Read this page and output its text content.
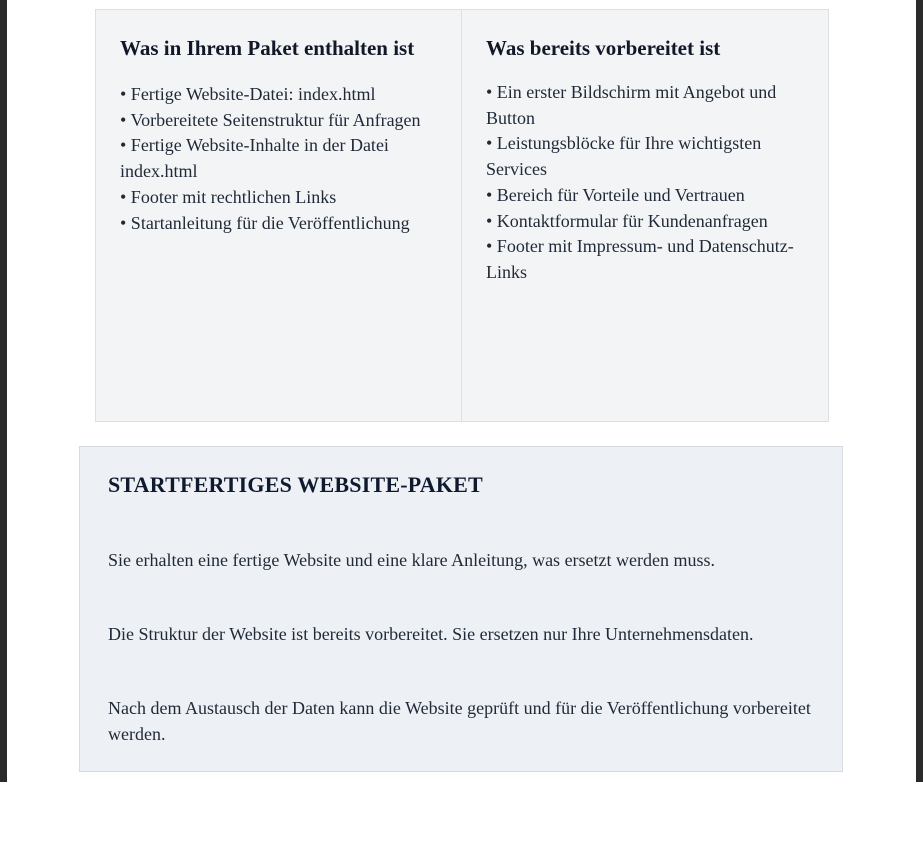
Was in Ihrem Paket enthalten ist
• Fertige Website-Datei: index.html
• Vorbereitete Seitenstruktur für Anfragen
• Fertige Website-Inhalte in der Datei index.html
• Footer mit rechtlichen Links
• Startanleitung für die Veröffentlichung
Was bereits vorbereitet ist
• Ein erster Bildschirm mit Angebot und Button
• Leistungsblöcke für Ihre wichtigsten Services
• Bereich für Vorteile und Vertrauen
• Kontaktformular für Kundenanfragen
• Footer mit Impressum- und Datenschutz-Links
STARTFERTIGES WEBSITE-PAKET

Sie erhalten eine fertige Website und eine klare Anleitung, was ersetzt werden muss.

Die Struktur der Website ist bereits vorbereitet. Sie ersetzen nur Ihre Unternehmensdaten.

Nach dem Austausch der Daten kann die Website geprüft und für die Veröffentlichung vorbereitet werden.
